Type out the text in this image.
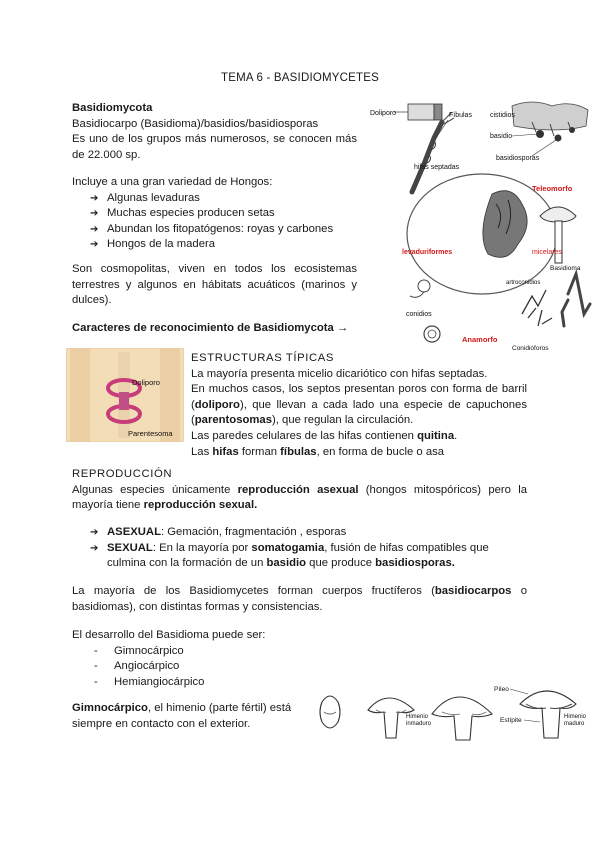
TEMA 6 - BASIDIOMYCETES
Basidiomycota
Basidiocarpo (Basidioma)/basidios/basidiosporas
Es uno de los grupos más numerosos, se conocen más de 22.000 sp.
Incluye a una gran variedad de Hongos:
➔ Algunas levaduras
➔ Muchas especies producen setas
➔ Abundan los fitopatógenos: royas y carbones
➔ Hongos de la madera
Son cosmopolitas, viven en todos los ecosistemas terrestres y algunos en hábitats acuáticos (marinos y dulces).
Caracteres de reconocimiento de Basidiomycota →
Doliporo	Fíbulas
hifas septadas
cistidios
basidio
basidiosporas
Teleomorfo
levaduriformes	micelares
Basidioma
artroconidios
conidios
Anamorfo
Conidióforos
Doliporo
Parentesoma
ESTRUCTURAS TÍPICAS
La mayoría presenta micelio dicariótico con hifas septadas.
En muchos casos, los septos presentan poros con forma de barril (doliporo), que llevan a cada lado una especie de capuchones (parentosomas), que regulan la circulación.
Las paredes celulares de las hifas contienen quitina.
Las hifas forman fíbulas, en forma de bucle o asa
REPRODUCCIÓN
Algunas especies únicamente reproducción asexual (hongos mitospóricos) pero la mayoría tiene reproducción sexual.
➔ ASEXUAL: Gemación, fragmentación , esporas
➔ SEXUAL: En la mayoría por somatogamia, fusión de hifas compatibles que culmina con la formación de un basidio que produce basidiosporas.
La mayoría de los Basidiomycetes forman cuerpos fructíferos (basidiocarpos o basidiomas), con distintas formas y consistencias.
El desarrollo del Basidioma puede ser:
- Gimnocárpico
- Angiocárpico
- Hemiangiocárpico
Gimnocárpico, el himenio (parte fértil) está siempre en contacto con el exterior.
Himenio
inmaduro
Píleo
Estípite	Himenio
maduro
